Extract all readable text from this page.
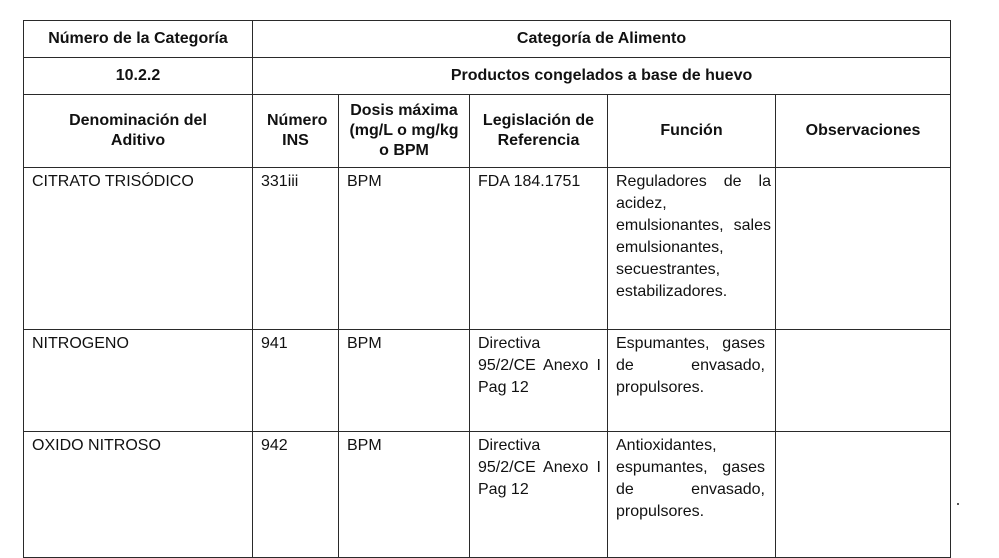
Número de la Categoría	Categoría de Alimento				
10.2.2	Productos congelados a base de huevo				
Denominación del Aditivo	Número INS	Dosis máxima (mg/L o mg/kg o BPM	Legislación de Referencia	Función	Observaciones
CITRATO TRISÓDICO	331iii	BPM	FDA 184.1751	Reguladores de la acidez, emulsionantes, sales emulsionantes, secuestrantes, estabilizadores.	
NITROGENO	941	BPM	Directiva 95/2/CE Anexo I Pag 12	Espumantes, gases de envasado, propulsores.	
OXIDO NITROSO	942	BPM	Directiva 95/2/CE Anexo I Pag 12	Antioxidantes, espumantes, gases de envasado, propulsores.	
